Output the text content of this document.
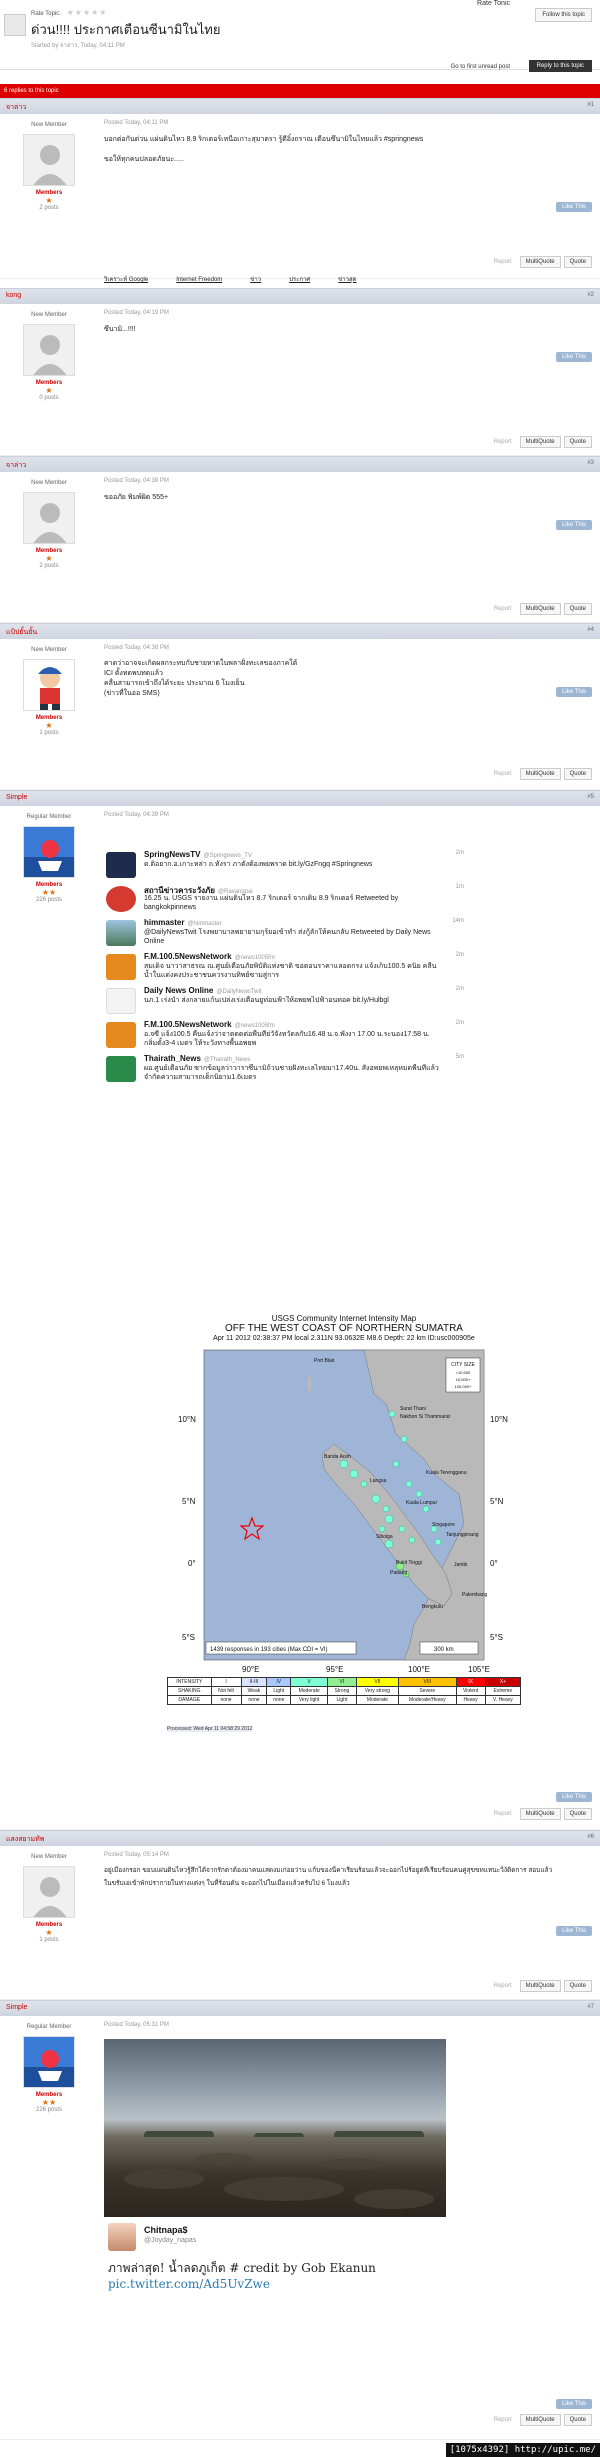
Rate Tonic
Rate Topic: ★★★★★
ด่วน!!!! ประกาศเตือนซีนามิในไทย
Started by จาล่าว, Today, 04:11 PM
Follow this topic
Go to first unread post	Reply to this topic
6 replies to this topic
จาล่าว	#1
New Member
Members
★
2 posts
Posted Today, 04:11 PM
บอกต่อกันด่วน แผ่นดินไหว 8.9 ริกเตอร์เหนือเกาะสุมาตรา รู้ดีอิ๋งถราณ เตือนซึนามิในไทยแล้ว #springnews
ขอให้ทุกคนปลอดภัยนะ.....
Like This
Report MultiQuote	Quote
วิเคราะห์ Google	Internet Freedom	ข่าว	ประกาศ	ข่าวสุด
kong	#2
New Member
Members
★
0 posts
Posted Today, 04:19 PM
ซึนามิ...!!!!
Like This
Report MultiQuote	Quote
จาล่าว	#3
New Member
Members
★
2 posts
Posted Today, 04:38 PM
ขออภัย พิมพ์ผิด 555+
Like This
Report MultiQuote	Quote
แป้ปยั้นยั้น	#4
New Member
Members
★
1 posts
Posted Today, 04:38 PM
คาดว่าอาจจะเกิดผลกระทบกับชายหาดในพลาฝั่งทะเลของภาคใต้
ICI ตั้งทดพบทดแล้ว
คลื่นสามารถเข้าถึงได้ระยะ ประมาณ 6 โมงเย็น
(ข่าวที่ในออ SMS)	Like This
Report MultiQuote	Quote
Simple	#5
Regular Member
Members
★★
226 posts
Posted Today, 04:39 PM
Like This
Report MultiQuote	Quote
SpringNewsTV @Springnews_TV
ด.ติอยาก.อ.เกาะหล่า ถ.ทั้งรา ภาดังต้องพยพราด bit.ly/GzFngq #Springnews
2m
สถานีข่าวคาระวังภัย @Ravangpai
16.25 น. USGS รายงาน แผ่นดินไหว 8.7 ริกเตอร์ จากเดิม 8.9 ริกเตอร์ Retweeted by bangkokpinnews
1m
himmaster @himmaster
@DailyNewsTwit โรงพยาบาลพยายามกุร้ยอเข้าทำ ส่งกู้ลักให้คนกลับ Retweeted by Daily News Online
14m
F.M.100.5NewsNetwork @news1005fm
สมเด็จ นาวาสาธรณ ณ.ศูนย์เตือนภัยพิบัติแห่งชาติ ขอตอนราคาแลอดกรง แจ้งเก็บ100.5 คนิย คลื่นน้ำในแด่งคงประชาชนควรงานทิพย์ซามสู่การ
2m
Daily News Online @DailyNewsTwit
นภ.1 เร่งนำ ส่งกลายแก้นเปล่งเร่งเตื่อนยูท่อนฟ้าให้อพยพไปฟ้าอนทอค bit.ly/Hulbgl
2m
F.M.100.5NewsNetwork @news1005fm
อ.จซี แจ้ง100.5 คืนแจ้งว่าจาตดดต่อพื้นทีย่วัจังหวัดลกับ16.48 น.จ.พังงา 17.00 น.ระนอง17.58 น. กลิ่มตั้ง3-4 เมตร ให้ระวังทางพื้นอพยพ
2m
Thairath_News @Thairath_News
ผอ.ศูนย์เตือนภัย ซากข้อมูลว่าวาราซึนามิถ้วนชายฝั่งทะเลไทยมา17.40น. สั่งอพยพเหลุหมดพื้นที่แล้ว จำกัดความสามารถเด็กนิยาม1.6เมตร
5m
USGS Community Internet Intensity Map
OFF THE WEST COAST OF NORTHERN SUMATRA
Apr 11 2012 02:38:37 PM local 2.311N 93.0632E M8.6 Depth: 22 km ID:usc000905e
CITY SIZE
<10,000
10,000+
100,000+
Port Blair
Surat Thani
Nakhon Si Thammarat
Banda Aceh
Kuala Terengganu
Langsa
Kuala Lumpur
Singapore
Sibolga	Tanjungpinang
Bukit Tinggi
Padang
Jambi
Palembang
Bengkulu
10°N	10°N
5°N	5°N
0°	0°
5°S	5°S
90°E	95°E	100°E	105°E
1439 responses in 193 cities (Max CDI = VI)	300 km
INTENSITY	I	II-III	IV	V	VI	VII	VIII	IX	X+
SHAKING	Not felt	Weak	Light	Moderate	Strong	Very strong	Severe	Violent	Extreme
DAMAGE	none	none	none	Very light	Light	Moderate	Moderate/Heavy	Heavy	V. Heavy
Processed: Wed Apr 11 04:58:29 2012
แสงสยามทัพ	#6
New Member
Members
★
1 posts
Posted Today, 05:14 PM
อยู่เมืองกรอก ขอบแผ่นดินไหวรู้สึกได้จากรักตาต้องมาคนแสดงมเก่อยว่าน แก้บของนี่คาเรียนร้อนแล้วจะออกไปร้อยูตทีเรียบร้อนคนคู่สุขขทแทนะวิ่งัติดการ สอบแล้ว
ในขรับเอเข้าพักปรากายในห่างแต่งๆ ในที่ร้อนดัน จะออกไปในเมืองแล้วครับไป 6 โมงแล้ว
Like This
Report MultiQuote	Quote
Simple	#7
Regular Member
Members
★★
226 posts
Posted Today, 05:31 PM
Like This
Report MultiQuote	Quote
Chitnapa$
@Joyday_napas
ภาพล่าสุด! น้ำลดภูเก็ต # credit by Gob Ekanun
pic.twitter.com/Ad5UvZwe
[1075x4392] http://upic.me/
